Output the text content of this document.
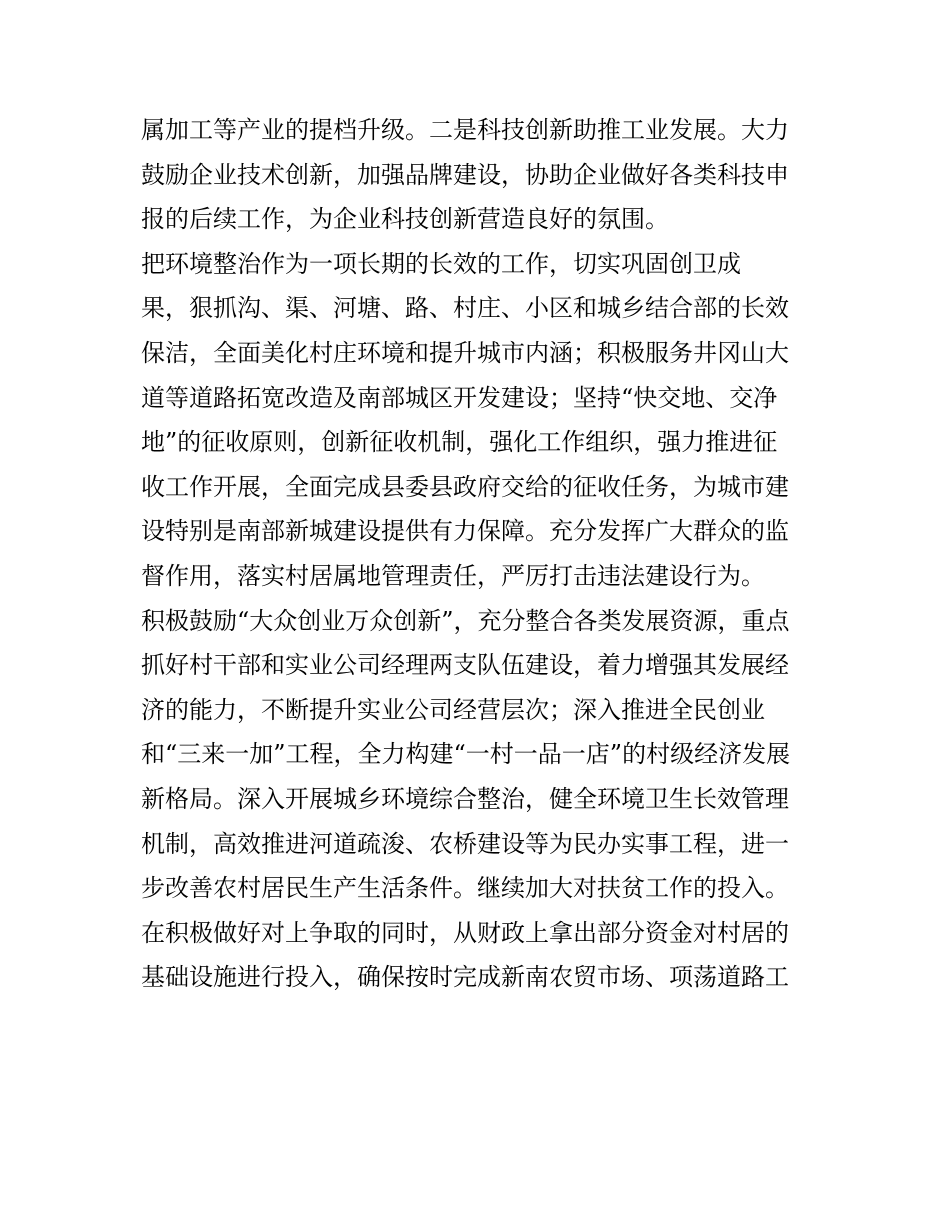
属加工等产业的提档升级。二是科技创新助推工业发展。大力
鼓励企业技术创新，加强品牌建设，协助企业做好各类科技申
报的后续工作，为企业科技创新营造良好的氛围。
把环境整治作为一项长期的长效的工作，切实巩固创卫成
果，狠抓沟、渠、河塘、路、村庄、小区和城乡结合部的长效
保洁，全面美化村庄环境和提升城市内涵；积极服务井冈山大
道等道路拓宽改造及南部城区开发建设；坚持“快交地、交净
地”的征收原则，创新征收机制，强化工作组织，强力推进征
收工作开展，全面完成县委县政府交给的征收任务，为城市建
设特别是南部新城建设提供有力保障。充分发挥广大群众的监
督作用，落实村居属地管理责任，严厉打击违法建设行为。
积极鼓励“大众创业万众创新”，充分整合各类发展资源，重点
抓好村干部和实业公司经理两支队伍建设，着力增强其发展经
济的能力，不断提升实业公司经营层次；深入推进全民创业
和“三来一加”工程，全力构建“一村一品一店”的村级经济发展
新格局。深入开展城乡环境综合整治，健全环境卫生长效管理
机制，高效推进河道疏浚、农桥建设等为民办实事工程，进一
步改善农村居民生产生活条件。继续加大对扶贫工作的投入。
在积极做好对上争取的同时，从财政上拿出部分资金对村居的
基础设施进行投入，确保按时完成新南农贸市场、项荡道路工
